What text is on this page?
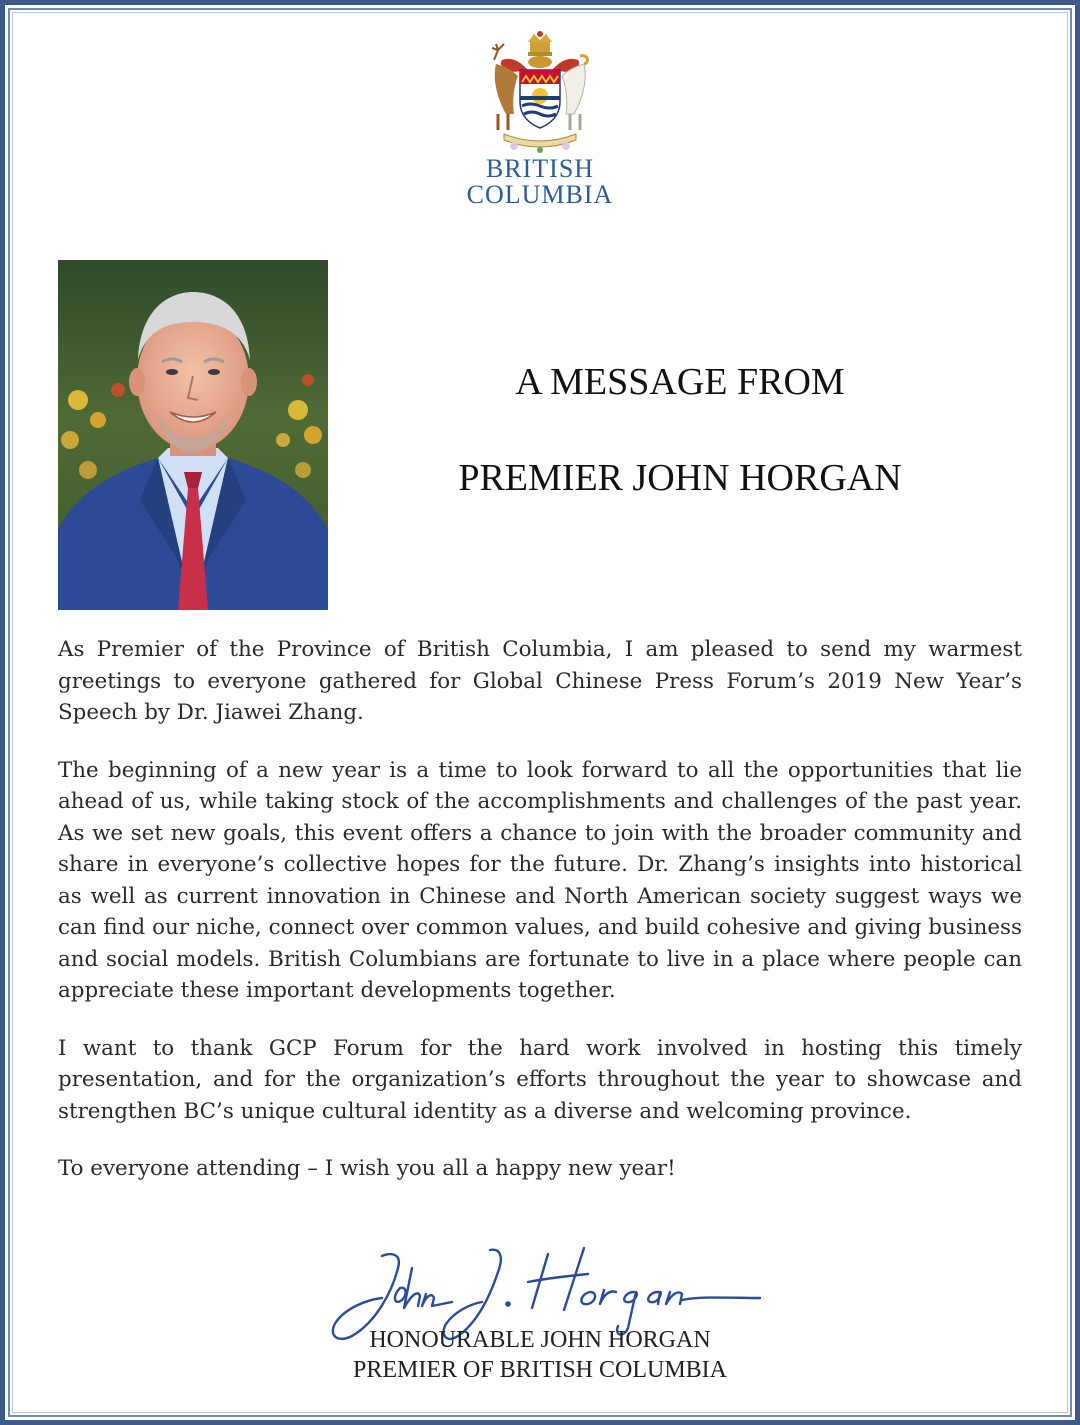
BRITISH
COLUMBIA
A MESSAGE FROM
PREMIER JOHN HORGAN

As Premier of the Province of British Columbia, I am pleased to send my warmest greetings to everyone gathered for Global Chinese Press Forum’s 2019 New Year’s Speech by Dr. Jiawei Zhang.

The beginning of a new year is a time to look forward to all the opportunities that lie ahead of us, while taking stock of the accomplishments and challenges of the past year. As we set new goals, this event offers a chance to join with the broader community and share in everyone’s collective hopes for the future. Dr. Zhang’s insights into historical as well as current innovation in Chinese and North American society suggest ways we can find our niche, connect over common values, and build cohesive and giving business and social models. British Columbians are fortunate to live in a place where people can appreciate these important developments together.

I want to thank GCP Forum for the hard work involved in hosting this timely presentation, and for the organization’s efforts throughout the year to showcase and strengthen BC’s unique cultural identity as a diverse and welcoming province.

To everyone attending – I wish you all a happy new year!

HONOURABLE JOHN HORGAN
PREMIER OF BRITISH COLUMBIA
